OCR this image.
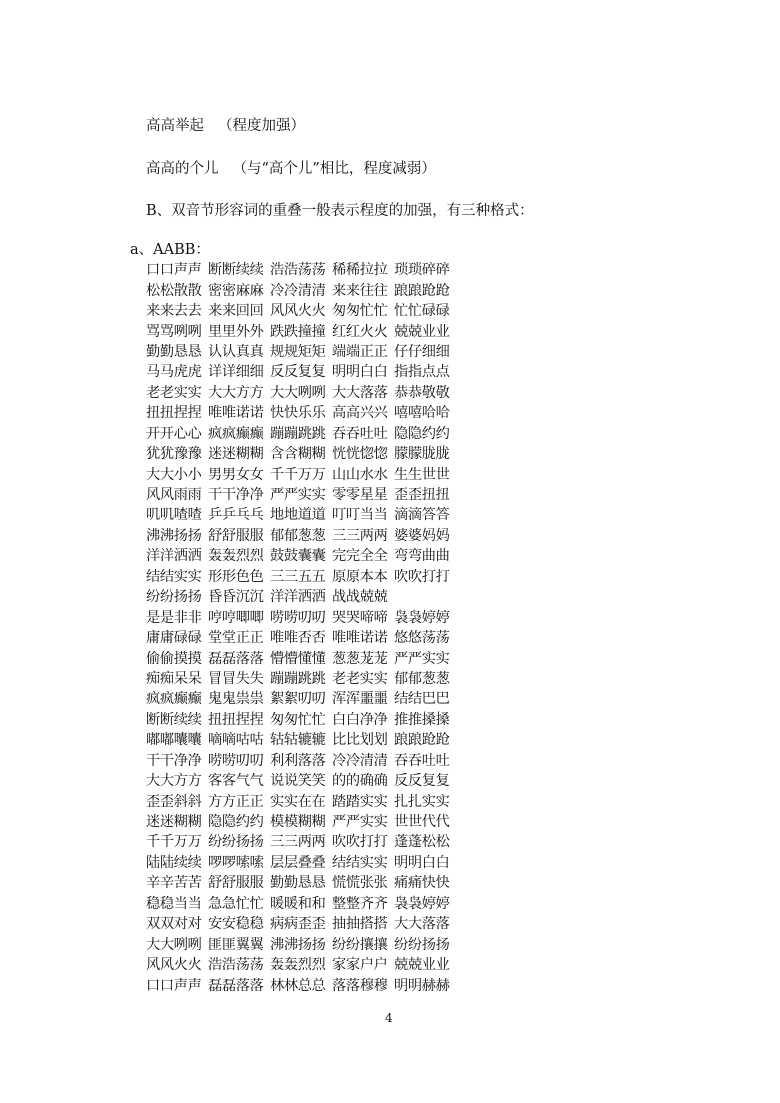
高高举起 （程度加强）
高高的个儿 （与“高个儿”相比，程度减弱）
B、双音节形容词的重叠一般表示程度的加强，有三种格式：
a、AABB：
口口声声 断断续续 浩浩荡荡 稀稀拉拉 琐琐碎碎
松松散散 密密麻麻 冷冷清清 来来往往 踉踉跄跄
来来去去 来来回回 风风火火 匆匆忙忙 忙忙碌碌
骂骂咧咧 里里外外 跌跌撞撞 红红火火 兢兢业业
勤勤恳恳 认认真真 规规矩矩 端端正正 仔仔细细
马马虎虎 详详细细 反反复复 明明白白 指指点点
老老实实 大大方方 大大咧咧 大大落落 恭恭敬敬
扭扭捏捏 唯唯诺诺 快快乐乐 高高兴兴 嘻嘻哈哈
开开心心 疯疯癫癫 蹦蹦跳跳 吞吞吐吐 隐隐约约
犹犹豫豫 迷迷糊糊 含含糊糊 恍恍惚惚 朦朦胧胧
大大小小 男男女女 千千万万 山山水水 生生世世
风风雨雨 干干净净 严严实实 零零星星 歪歪扭扭
叽叽喳喳 乒乒乓乓 地地道道 叮叮当当 滴滴答答
沸沸扬扬 舒舒服服 郁郁葱葱 三三两两 婆婆妈妈
洋洋洒洒 轰轰烈烈 鼓鼓囊囊 完完全全 弯弯曲曲
结结实实 形形色色 三三五五 原原本本 吹吹打打
纷纷扬扬 昏昏沉沉 洋洋洒洒 战战兢兢
是是非非 哼哼唧唧 唠唠叨叨 哭哭啼啼 袅袅婷婷
庸庸碌碌 堂堂正正 唯唯否否 唯唯诺诺 悠悠荡荡
偷偷摸摸 磊磊落落 懵懵懂懂 葱葱茏茏 严严实实
痴痴呆呆 冒冒失失 蹦蹦跳跳 老老实实 郁郁葱葱
疯疯癫癫 鬼鬼祟祟 絮絮叨叨 浑浑噩噩 结结巴巴
断断续续 扭扭捏捏 匆匆忙忙 白白净净 推推搡搡
嘟嘟囔囔 嘀嘀咕咕 轱轱辘辘 比比划划 踉踉跄跄
干干净净 唠唠叨叨 利利落落 冷冷清清 吞吞吐吐
大大方方 客客气气 说说笑笑 的的确确 反反复复
歪歪斜斜 方方正正 实实在在 踏踏实实 扎扎实实
迷迷糊糊 隐隐约约 模模糊糊 严严实实 世世代代
千千万万 纷纷扬扬 三三两两 吹吹打打 蓬蓬松松
陆陆续续 啰啰嗦嗦 层层叠叠 结结实实 明明白白
辛辛苦苦 舒舒服服 勤勤恳恳 慌慌张张 痛痛快快
稳稳当当 急急忙忙 暖暖和和 整整齐齐 袅袅婷婷
双双对对 安安稳稳 病病歪歪 抽抽搭搭 大大落落
大大咧咧 匪匪翼翼 沸沸扬扬 纷纷攘攘 纷纷扬扬
风风火火 浩浩荡荡 轰轰烈烈 家家户户 兢兢业业
口口声声 磊磊落落 林林总总 落落穆穆 明明赫赫
4
